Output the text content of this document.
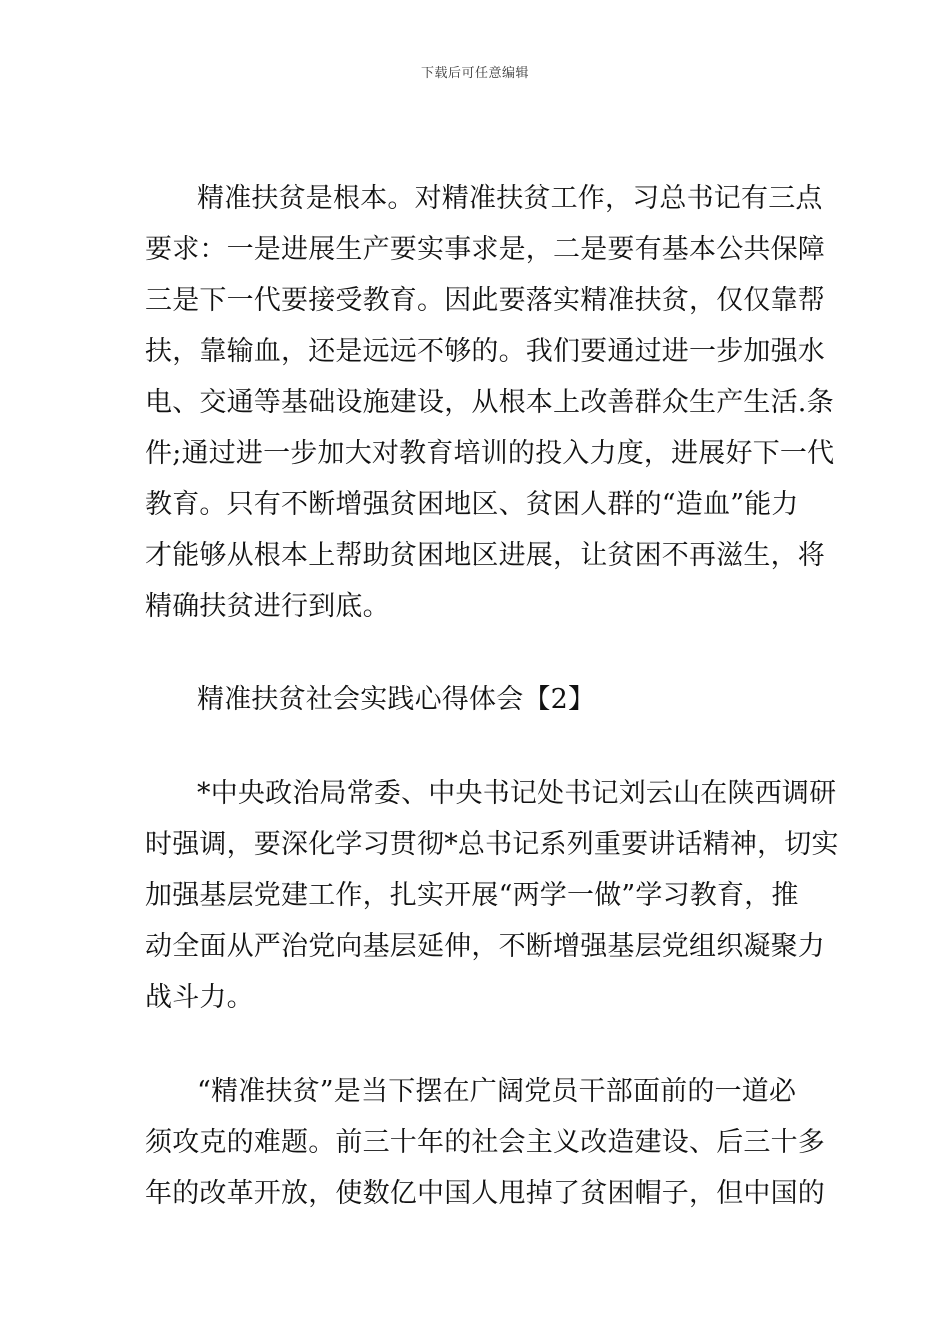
下载后可任意编辑
精准扶贫是根本。对精准扶贫工作，习总书记有三点
要求：一是进展生产要实事求是，二是要有基本公共保障
三是下一代要接受教育。因此要落实精准扶贫，仅仅靠帮
扶，靠输血，还是远远不够的。我们要通过进一步加强水
电、交通等基础设施建设，从根本上改善群众生产生活.条
件;通过进一步加大对教育培训的投入力度，进展好下一代
教育。只有不断增强贫困地区、贫困人群的“造血”能力
才能够从根本上帮助贫困地区进展，让贫困不再滋生，将
精确扶贫进行到底。
精准扶贫社会实践心得体会【2】
*中央政治局常委、中央书记处书记刘云山在陕西调研
时强调，要深化学习贯彻*总书记系列重要讲话精神，切实
加强基层党建工作，扎实开展“两学一做”学习教育，推
动全面从严治党向基层延伸，不断增强基层党组织凝聚力
战斗力。
“精准扶贫”是当下摆在广阔党员干部面前的一道必
须攻克的难题。前三十年的社会主义改造建设、后三十多
年的改革开放，使数亿中国人甩掉了贫困帽子，但中国的
